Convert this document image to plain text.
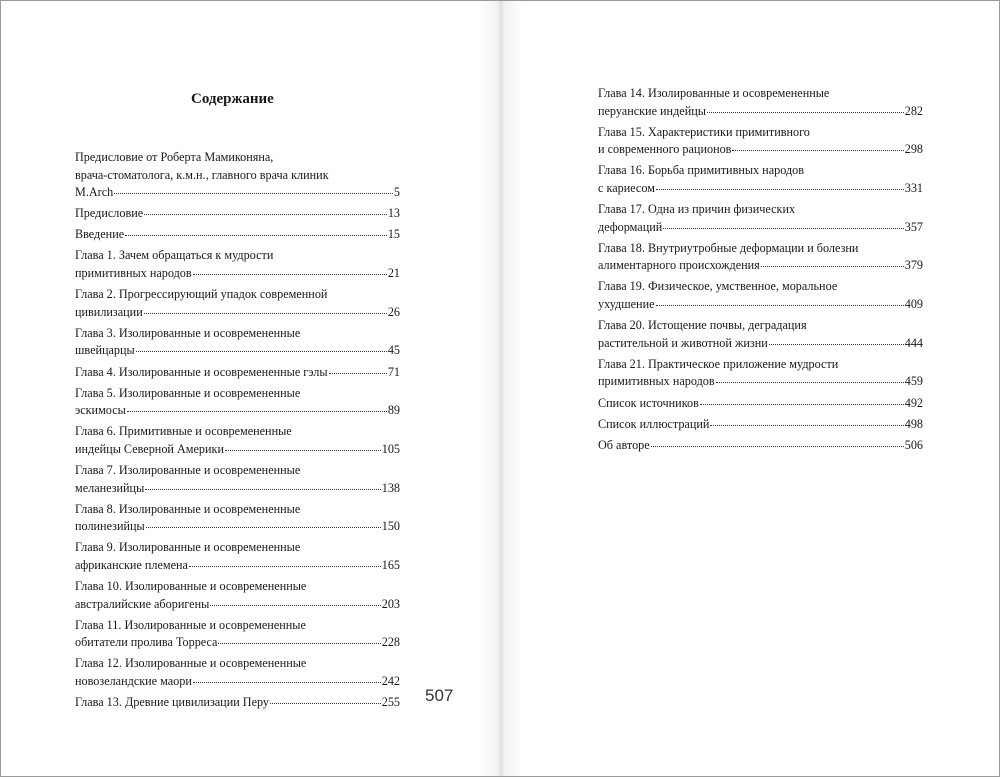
Содержание
Предисловие от Роберта Мамиконяна,
врача-стоматолога, к.м.н., главного врача клиник
M.Arch	5
Предисловие	13
Введение	15
Глава 1. Зачем обращаться к мудрости
примитивных народов	21
Глава 2. Прогрессирующий упадок современной
цивилизации	26
Глава 3. Изолированные и осовремененные
швейцарцы	45
Глава 4. Изолированные и осовремененные гэлы	71
Глава 5. Изолированные и осовремененные
эскимосы	89
Глава 6. Примитивные и осовремененные
индейцы Северной Америки	105
Глава 7. Изолированные и осовремененные
меланезийцы	138
Глава 8. Изолированные и осовремененные
полинезийцы	150
Глава 9. Изолированные и осовремененные
африканские племена	165
Глава 10. Изолированные и осовремененные
австралийские аборигены	203
Глава 11. Изолированные и осовремененные
обитатели пролива Торреса	228
Глава 12. Изолированные и осовремененные
новозеландские маори	242
Глава 13. Древние цивилизации Перу	255 507
Глава 14. Изолированные и осовремененные
перуанские индейцы	282
Глава 15. Характеристики примитивного
и современного рационов	298
Глава 16. Борьба примитивных народов
с кариесом	331
Глава 17. Одна из причин физических
деформаций	357
Глава 18. Внутриутробные деформации и болезни
алиментарного происхождения	379
Глава 19. Физическое, умственное, моральное
ухудшение	409
Глава 20. Истощение почвы, деградация
растительной и животной жизни	444
Глава 21. Практическое приложение мудрости
примитивных народов	459
Список источников	492
Список иллюстраций	498
Об авторе	506
